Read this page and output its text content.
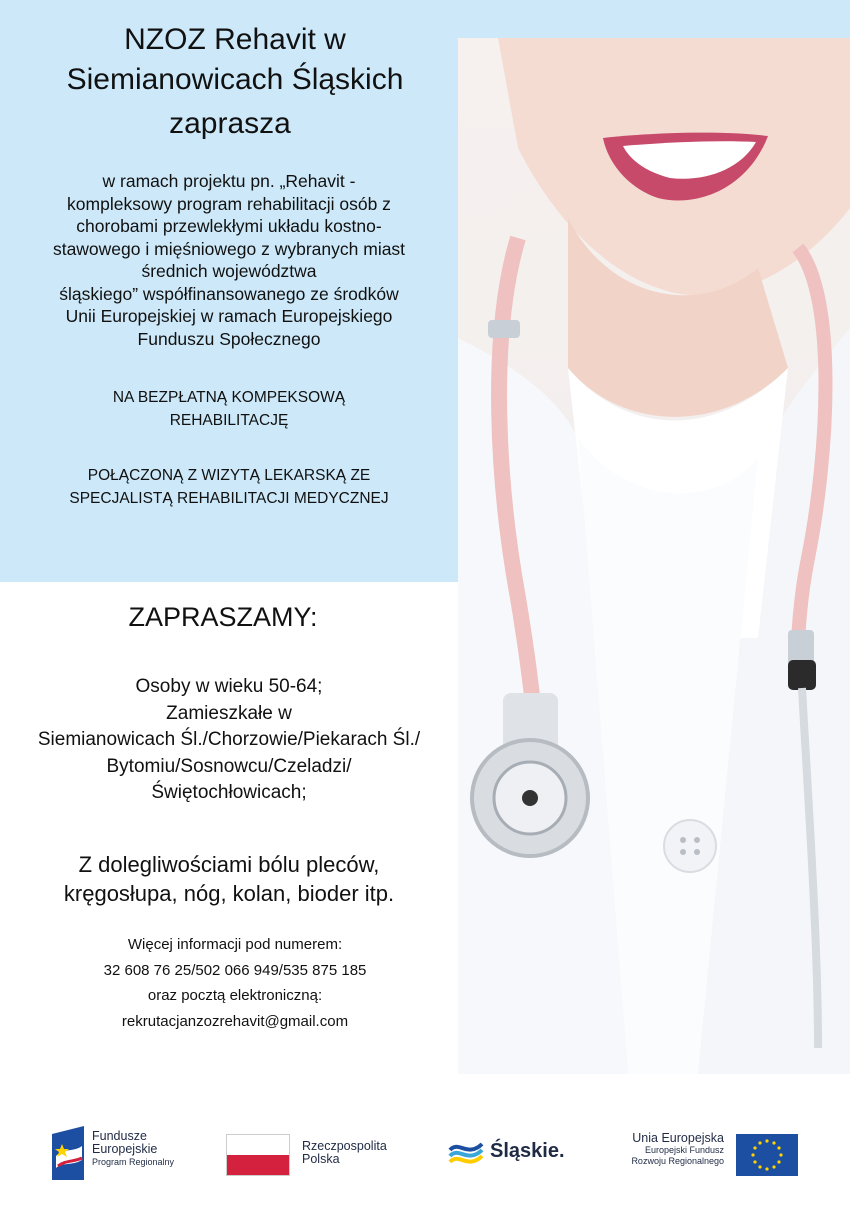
NZOZ Rehavit w
Siemianowicach Śląskich
zaprasza
w ramach projektu pn. „Rehavit -
kompleksowy program rehabilitacji osób z
chorobami przewlekłymi układu kostno-
stawowego i mięśniowego z wybranych miast
średnich województwa
śląskiego” współfinansowanego ze środków
Unii Europejskiej w ramach Europejskiego
Funduszu Społecznego
NA BEZPŁATNĄ KOMPEKSOWĄ
REHABILITACJĘ
POŁĄCZONĄ Z WIZYTĄ LEKARSKĄ ZE
SPECJALISTĄ REHABILITACJI MEDYCZNEJ
ZAPRASZAMY:
Osoby w wieku 50-64;
Zamieszkałe w
Siemianowicach Śl./Chorzowie/Piekarach Śl./
Bytomiu/Sosnowcu/Czeladzi/
Świętochłowicach;
Z dolegliwościami bólu pleców,
kręgosłupa, nóg, kolan, bioder itp.
Więcej informacji pod numerem:
32 608 76 25/502 066 949/535 875 185
oraz pocztą elektroniczną:
rekrutacjanzozrehavit@gmail.com
Fundusze
Europejskie
Program Regionalny
Rzeczpospolita
Polska	Śląskie.
Unia Europejska
Europejski Fundusz
Rozwoju Regionalnego
